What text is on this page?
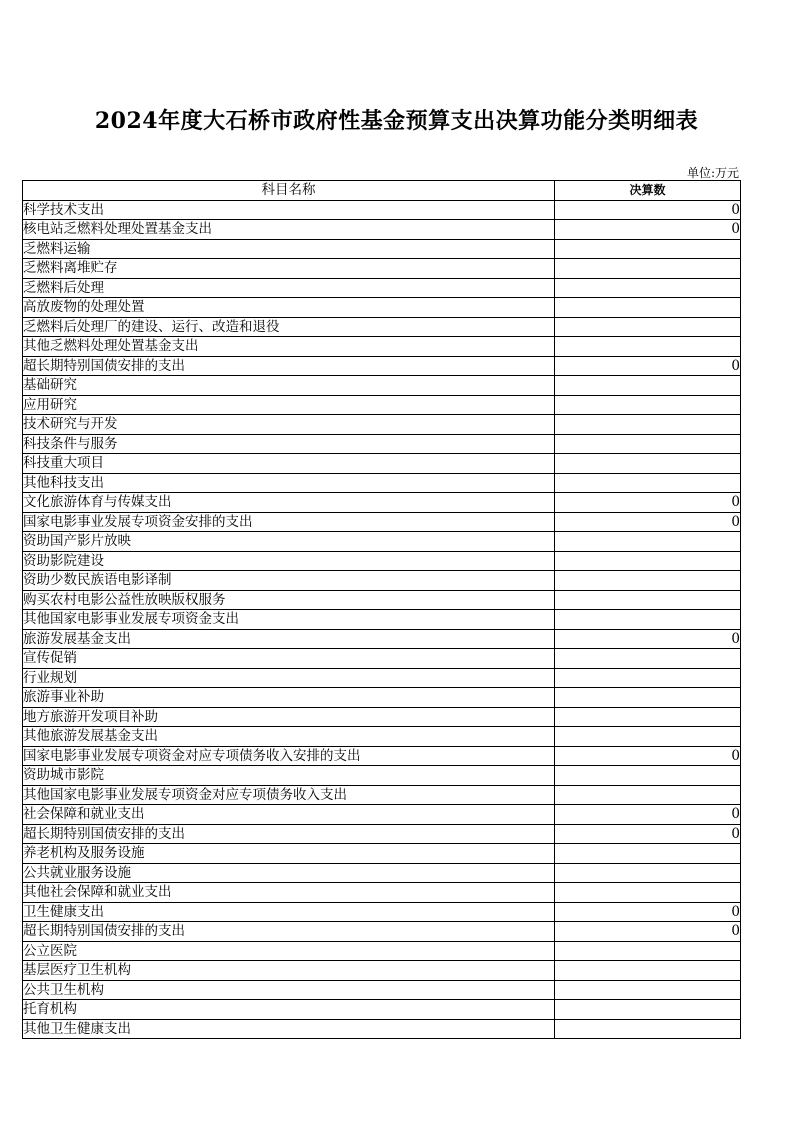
2024年度大石桥市政府性基金预算支出决算功能分类明细表
单位:万元
科目名称	决算数
科学技术支出	0
核电站乏燃料处理处置基金支出	0
乏燃料运输	
乏燃料离堆贮存	
乏燃料后处理	
高放废物的处理处置	
乏燃料后处理厂的建设、运行、改造和退役	
其他乏燃料处理处置基金支出	
超长期特别国债安排的支出	0
基础研究	
应用研究	
技术研究与开发	
科技条件与服务	
科技重大项目	
其他科技支出	
文化旅游体育与传媒支出	0
国家电影事业发展专项资金安排的支出	0
资助国产影片放映	
资助影院建设	
资助少数民族语电影译制	
购买农村电影公益性放映版权服务	
其他国家电影事业发展专项资金支出	
旅游发展基金支出	0
宣传促销	
行业规划	
旅游事业补助	
地方旅游开发项目补助	
其他旅游发展基金支出	
国家电影事业发展专项资金对应专项债务收入安排的支出	0
资助城市影院	
其他国家电影事业发展专项资金对应专项债务收入支出	
社会保障和就业支出	0
超长期特别国债安排的支出	0
养老机构及服务设施	
公共就业服务设施	
其他社会保障和就业支出	
卫生健康支出	0
超长期特别国债安排的支出	0
公立医院	
基层医疗卫生机构	
公共卫生机构	
托育机构	
其他卫生健康支出	
